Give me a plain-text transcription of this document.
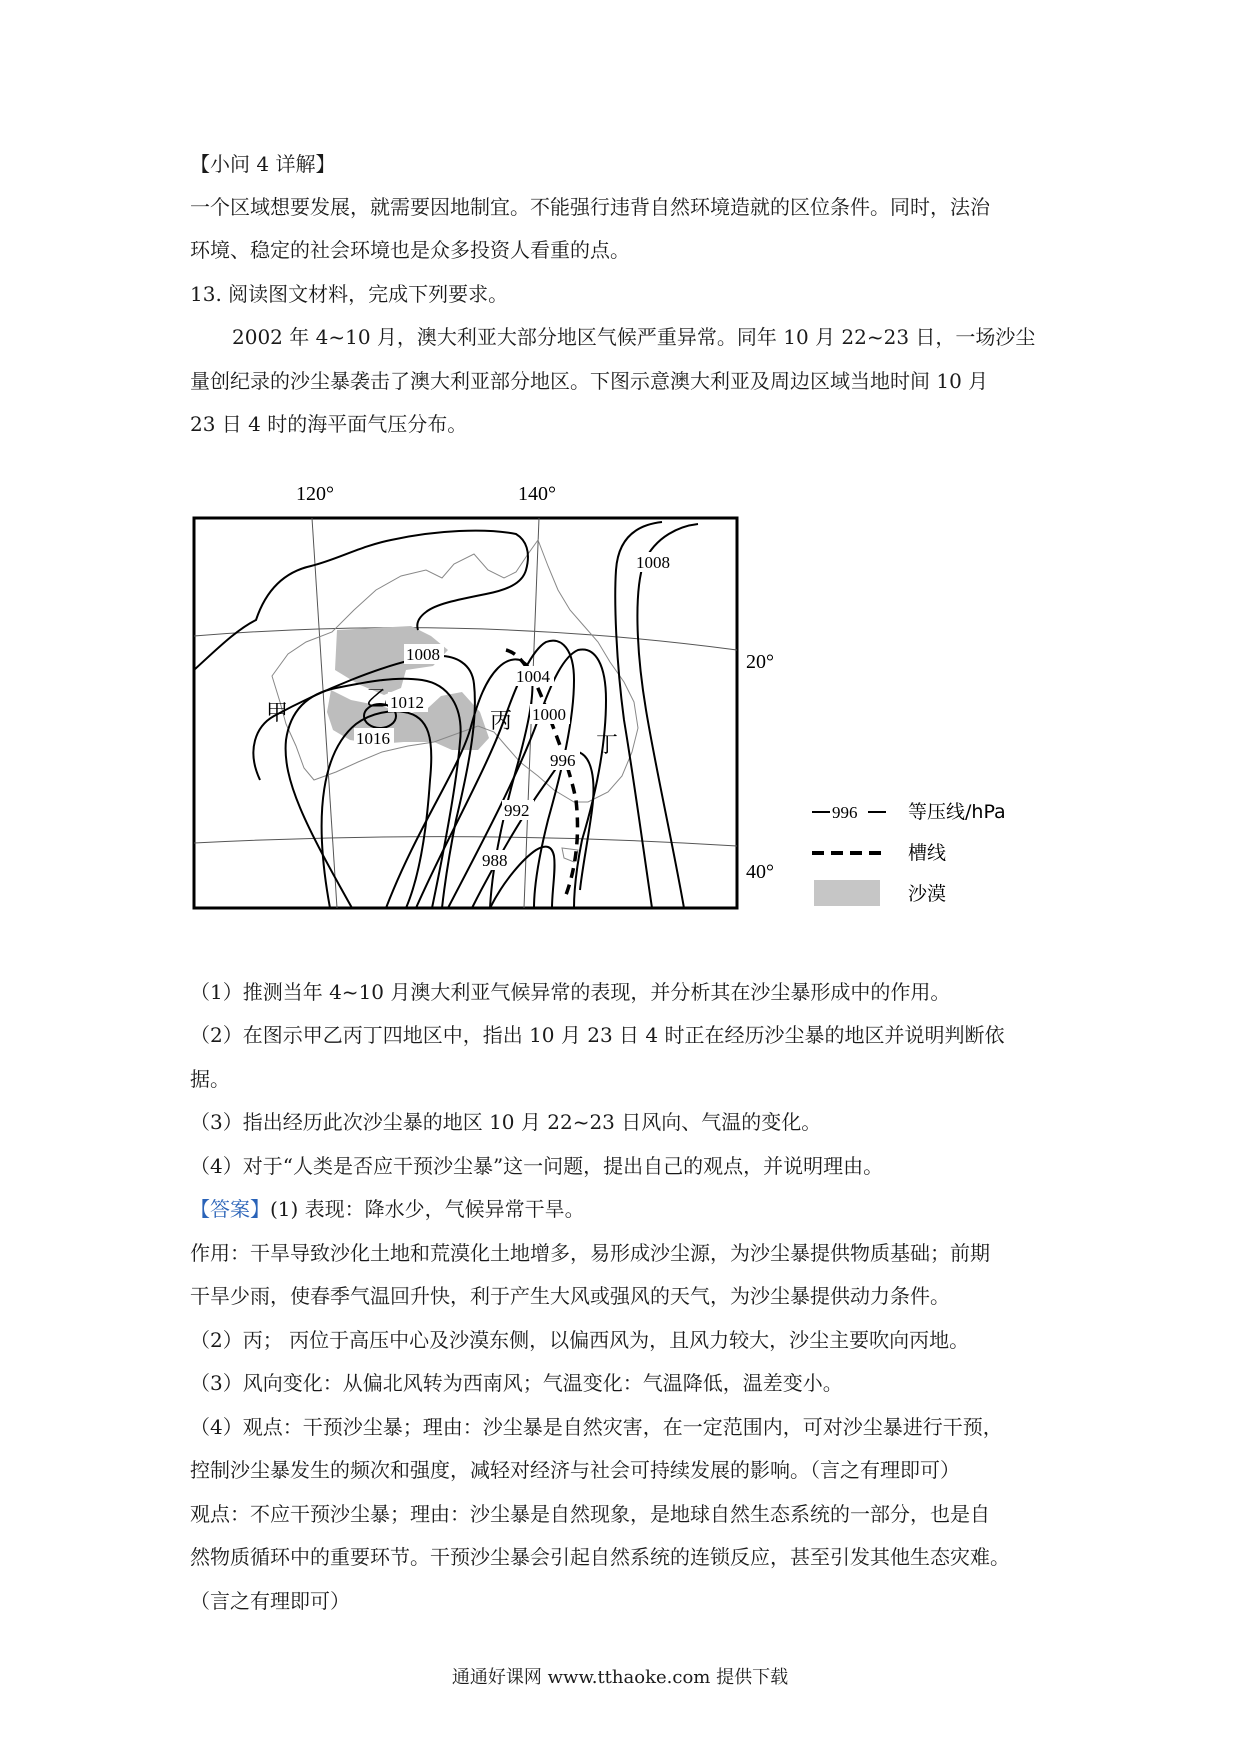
【小问 4 详解】
一个区域想要发展，就需要因地制宜。不能强行违背自然环境造就的区位条件。同时，法治
环境、稳定的社会环境也是众多投资人看重的点。
13. 阅读图文材料，完成下列要求。
2002 年 4~10 月，澳大利亚大部分地区气候严重异常。同年 10 月 22~23 日，一场沙尘
量创纪录的沙尘暴袭击了澳大利亚部分地区。下图示意澳大利亚及周边区域当地时间 10 月
23 日 4 时的海平面气压分布。
120°	140°
20°
40°
1008
1008
1012
1016
1004
1000
996
992
988
甲
乙
丙
丁
996	等压线/hPa
槽线
沙漠
（1）推测当年 4~10 月澳大利亚气候异常的表现，并分析其在沙尘暴形成中的作用。
（2）在图示甲乙丙丁四地区中，指出 10 月 23 日 4 时正在经历沙尘暴的地区并说明判断依
据。
（3）指出经历此次沙尘暴的地区 10 月 22~23 日风向、气温的变化。
（4）对于“人类是否应干预沙尘暴”这一问题，提出自己的观点，并说明理由。
【答案】(1) 表现：降水少，气候异常干旱。
作用：干旱导致沙化土地和荒漠化土地增多，易形成沙尘源，为沙尘暴提供物质基础；前期
干旱少雨，使春季气温回升快，利于产生大风或强风的天气，为沙尘暴提供动力条件。
（2）丙； 丙位于高压中心及沙漠东侧，以偏西风为，且风力较大，沙尘主要吹向丙地。
（3）风向变化：从偏北风转为西南风；气温变化：气温降低，温差变小。
（4）观点：干预沙尘暴；理由：沙尘暴是自然灾害，在一定范围内，可对沙尘暴进行干预，
控制沙尘暴发生的频次和强度，减轻对经济与社会可持续发展的影响。（言之有理即可）
观点：不应干预沙尘暴；理由：沙尘暴是自然现象，是地球自然生态系统的一部分，也是自
然物质循环中的重要环节。干预沙尘暴会引起自然系统的连锁反应，甚至引发其他生态灾难。
（言之有理即可）
通通好课网 www.tthaoke.com 提供下载
